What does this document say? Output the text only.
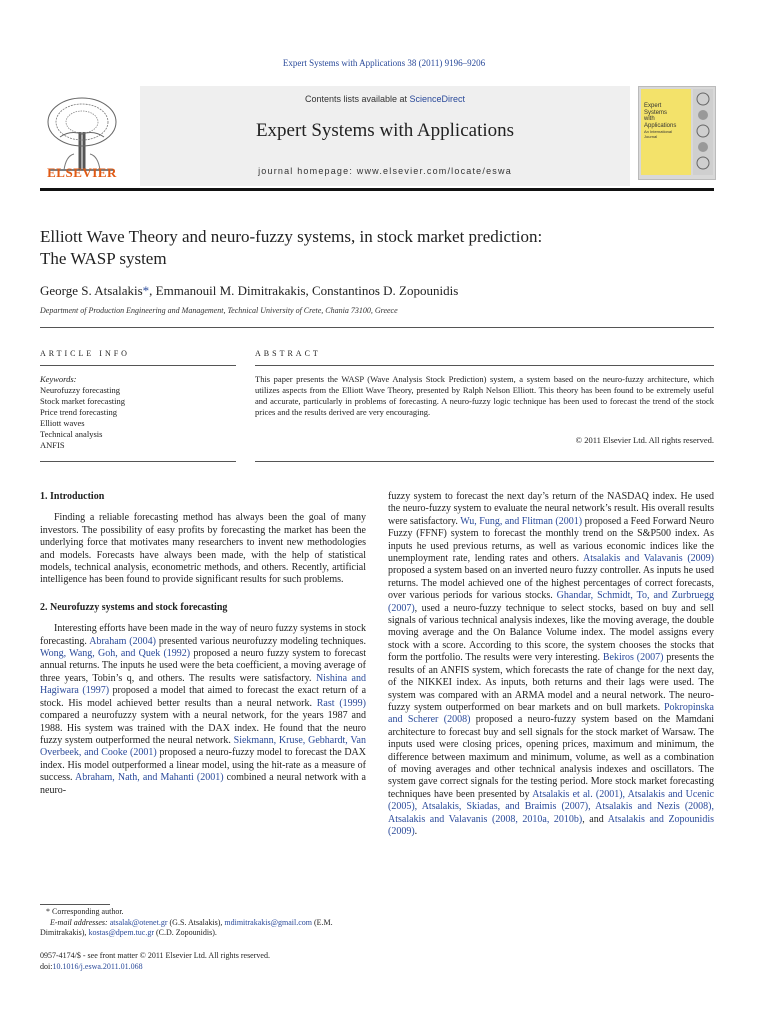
Expert Systems with Applications 38 (2011) 9196–9206
Contents lists available at ScienceDirect
Expert Systems with Applications
journal homepage: www.elsevier.com/locate/eswa
ELSEVIER
Expert
Systems
with
Applications
An International
Journal
Elliott Wave Theory and neuro-fuzzy systems, in stock market prediction:
The WASP system
George S. Atsalakis*, Emmanouil M. Dimitrakakis, Constantinos D. Zopounidis
Department of Production Engineering and Management, Technical University of Crete, Chania 73100, Greece
ARTICLE INFO	ABSTRACT
Keywords:
Neurofuzzy forecasting
Stock market forecasting
Price trend forecasting
Elliott waves
Technical analysis
ANFIS
This paper presents the WASP (Wave Analysis Stock Prediction) system, a system based on the neuro-fuzzy architecture, which utilizes aspects from the Elliott Wave Theory, presented by Ralph Nelson Elliott. This theory has been found to be extremely useful and accurate, particularly in problems of forecasting. A neuro-fuzzy logic technique has been used to forecast the trend of the stock prices and the results derived are very encouraging.
© 2011 Elsevier Ltd. All rights reserved.
1. Introduction

Finding a reliable forecasting method has always been the goal of many investors. The possibility of easy profits by forecasting the market has been the underlying force that motivates many researchers to invent new methodologies and models. Forecasts have always been made, with the help of statistical models, technical analysis, econometric methods, and others. Recently, artificial intelligence has been found to provide significant results for such problems.

2. Neurofuzzy systems and stock forecasting

Interesting efforts have been made in the way of neuro fuzzy systems in stock forecasting. Abraham (2004) presented various neurofuzzy modeling techniques. Wong, Wang, Goh, and Quek (1992) proposed a neuro fuzzy system to forecast annual returns. The inputs he used were the beta coefficient, a moving average of three years, Tobin’s q, and others. The results were satisfactory. Nishina and Hagiwara (1997) proposed a model that aimed to forecast the exact return of a stock. His model achieved better results than a neural network. Rast (1999) compared a neurofuzzy system with a neural network, for the years 1987 and 1988. His system was trained with the DAX index. He found that the neuro fuzzy system outperformed the neural network. Siekmann, Kruse, Gebhardt, Van Overbeek, and Cooke (2001) proposed a neuro-fuzzy model to forecast the DAX index. His model outperformed a linear model, using the hit-rate as a measure of success. Abraham, Nath, and Mahanti (2001) combined a neural network with a neuro-

fuzzy system to forecast the next day’s return of the NASDAQ index. He used the neuro-fuzzy system to evaluate the neural network’s result. His overall results were satisfactory. Wu, Fung, and Flitman (2001) proposed a Feed Forward Neuro Fuzzy (FFNF) system to forecast the monthly trend on the S&P500 index. As inputs he used previous returns, as well as various economic indices like the unemployment rate, lending rates and others. Atsalakis and Valavanis (2009) proposed a system based on an inverted neuro fuzzy controller. As inputs he used returns. The model achieved one of the highest percentages of correct forecasts, over various periods for various stocks. Ghandar, Schmidt, To, and Zurbruegg (2007), used a neuro-fuzzy technique to select stocks, based on buy and sell signals of various technical analysis indexes, like the moving average, the double moving average and the On Balance Volume index. The model assigns every stock with a score. According to this score, the system chooses the stocks that form the portfolio. The results were very interesting. Bekiros (2007) presents the results of an ANFIS system, which forecasts the rate of change for the next day, of the NIKKEI index. As inputs, both returns and their lags were used. The system was compared with an ARMA model and a neural network. The neuro-fuzzy system outperformed on bear markets and on bull markets. Pokropinska and Scherer (2008) proposed a neuro-fuzzy system based on the Mamdani architecture to forecast buy and sell signals for the stock market of Warsaw. The inputs used were closing prices, opening prices, maximum and minimum, the difference between maximum and minimum, volume, as well as a combination of moving averages and other technical analysis indexes and oscillators. The system gave correct signals for the testing period. More stock market forecasting techniques have been presented by Atsalakis et al. (2001), Atsalakis and Ucenic (2005), Atsalakis, Skiadas, and Braimis (2007), Atsalakis and Nezis (2008), Atsalakis and Valavanis (2008, 2010a, 2010b), and Atsalakis and Zopounidis (2009).

* Corresponding author.
E-mail addresses: atsalak@otenet.gr (G.S. Atsalakis), mdimitrakakis@gmail.com (E.M. Dimitrakakis), kostas@dpem.tuc.gr (C.D. Zopounidis).
0957-4174/$ - see front matter © 2011 Elsevier Ltd. All rights reserved.
doi:10.1016/j.eswa.2011.01.068
